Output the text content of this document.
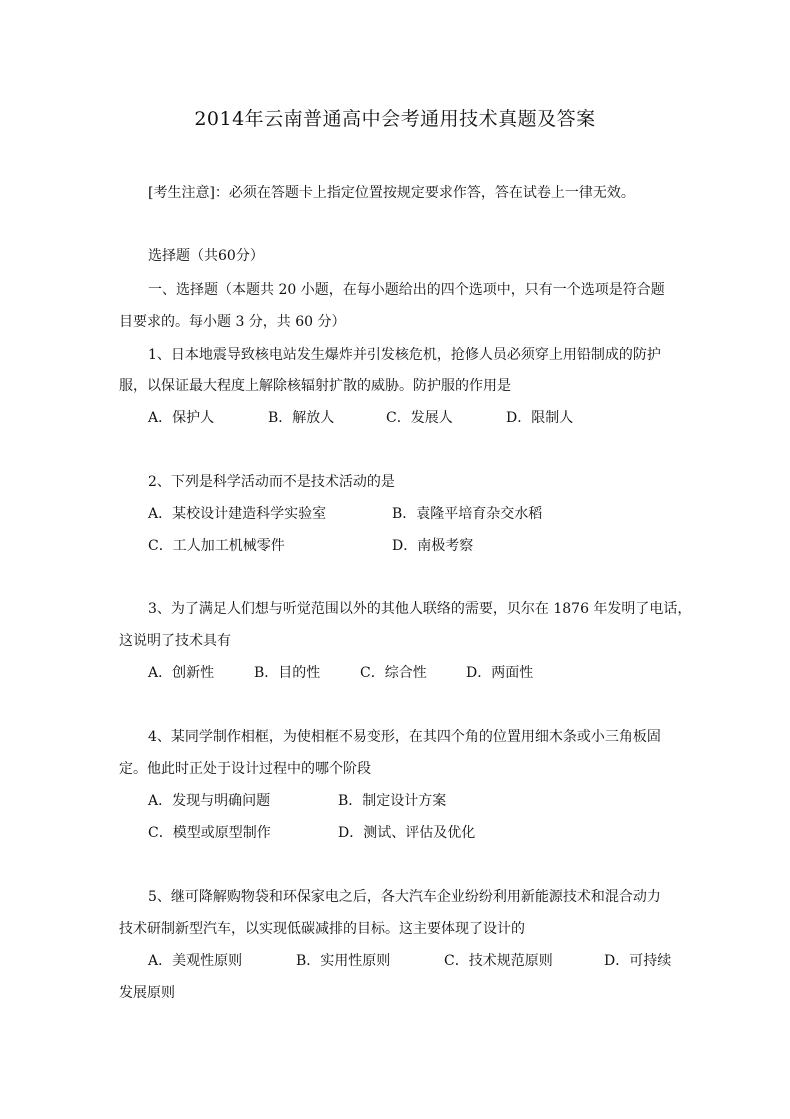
2014年云南普通高中会考通用技术真题及答案
[考生注意]：必须在答题卡上指定位置按规定要求作答，答在试卷上一律无效。
选择题（共60分）
一、选择题（本题共 20 小题，在每小题给出的四个选项中，只有一个选项是符合题
目要求的。每小题 3 分，共 60 分）
1、日本地震导致核电站发生爆炸并引发核危机，抢修人员必须穿上用铅制成的防护
服，以保证最大程度上解除核辐射扩散的威胁。防护服的作用是
A．保护人	B．解放人	C．发展人	D．限制人
2、下列是科学活动而不是技术活动的是
A．某校设计建造科学实验室	B．袁隆平培育杂交水稻
C．工人加工机械零件	D．南极考察
3、为了满足人们想与听觉范围以外的其他人联络的需要，贝尔在 1876 年发明了电话，
这说明了技术具有
A．创新性	B．目的性	C．综合性	D．两面性
4、某同学制作相框，为使相框不易变形，在其四个角的位置用细木条或小三角板固
定。他此时正处于设计过程中的哪个阶段
A．发现与明确问题	B．制定设计方案
C．模型或原型制作	D．测试、评估及优化
5、继可降解购物袋和环保家电之后，各大汽车企业纷纷利用新能源技术和混合动力
技术研制新型汽车，以实现低碳减排的目标。这主要体现了设计的
A．美观性原则	B．实用性原则	C．技术规范原则	D．可持续
发展原则
